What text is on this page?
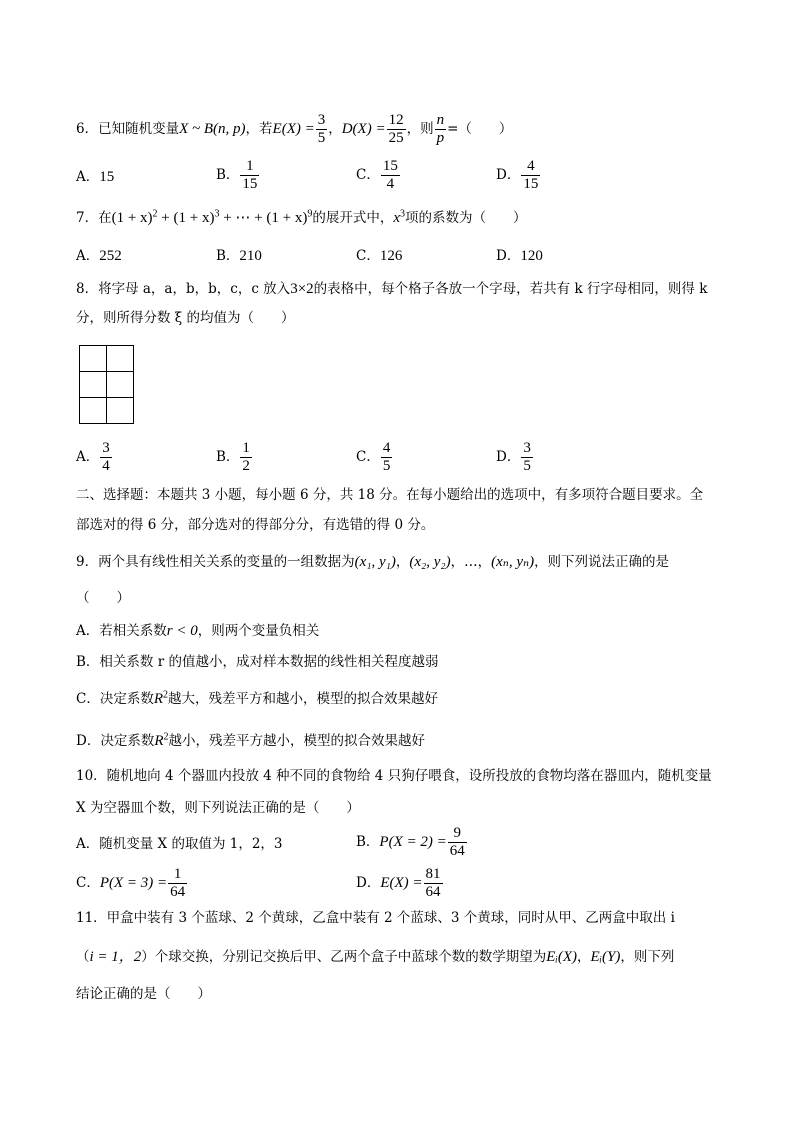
6．已知随机变量X ~ B(n, p)，若$E(X) = \frac{3}{5}$ ，$D(X) = \frac{12}{25}$ ，则 $\frac{n}{p}$ =（　　）
A．15	B． $\frac{1}{15}$	C． $\frac{15}{4}$	D． $\frac{4}{15}$
7．在$(1 + x)^2 + (1 + x)^3$ + ⋯ + $(1 + x)^9$的展开式中，$x^3$项的系数为（　　）
A．252	B．210	C．126	D．120
8．将字母 a，a，b，b，c，c 放入3×2的表格中，每个格子各放一个字母，若共有 k 行字母相同，则得 k
分，则所得分数 ξ 的均值为（　　）

A． $\frac{3}{4}$	B． $\frac{1}{2}$	C． $\frac{4}{5}$	D． $\frac{3}{5}$
二、选择题：本题共 3 小题，每小题 6 分，共 18 分。在每小题给出的选项中，有多项符合题目要求。全
部选对的得 6 分，部分选对的得部分分，有选错的得 0 分。
9．两个具有线性相关关系的变量的一组数据为(x₁, y₁)，(x₂, y₂)，…，(xₙ, yₙ)，则下列说法正确的是
（　　）
A．若相关系数r < 0，则两个变量负相关
B．相关系数 r 的值越小，成对样本数据的线性相关程度越弱
C．决定系数$R^2$越大，残差平方和越小，模型的拟合效果越好
D．决定系数$R^2$越小，残差平方越小，模型的拟合效果越好
10．随机地向 4 个器皿内投放 4 种不同的食物给 4 只狗仔喂食，设所投放的食物均落在器皿内，随机变量
X 为空器皿个数，则下列说法正确的是（　　）
A．随机变量 X 的取值为 1，2，3	B．$P(X = 2) = \frac{9}{64}$
C．$P(X = 3) = \frac{1}{64}$	D．$E(X) = \frac{81}{64}$
11．甲盒中装有 3 个蓝球、2 个黄球，乙盒中装有 2 个蓝球、3 个黄球，同时从甲、乙两盒中取出 i
（i = 1，2）个球交换，分别记交换后甲、乙两个盒子中蓝球个数的数学期望为Eᵢ(X)，Eᵢ(Y)，则下列
结论正确的是（　　）
